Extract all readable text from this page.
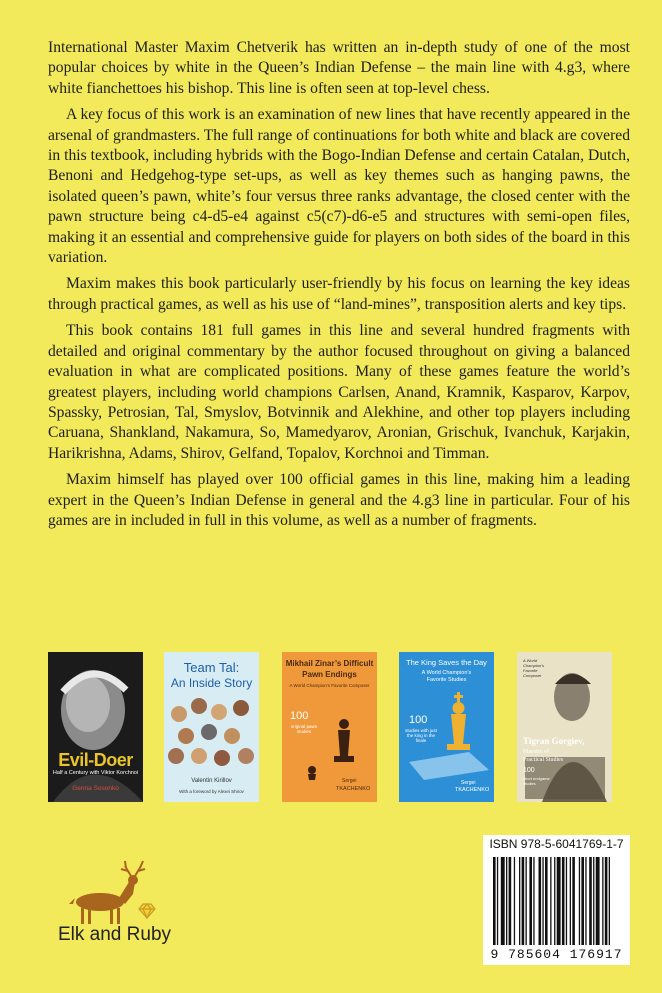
International Master Maxim Chetverik has written an in-depth study of one of the most popular choices by white in the Queen’s Indian Defense – the main line with 4.g3, where white fianchettoes his bishop. This line is often seen at top-level chess.

A key focus of this work is an examination of new lines that have recently appeared in the arsenal of grandmasters. The full range of continuations for both white and black are covered in this textbook, including hybrids with the Bogo-Indian Defense and certain Catalan, Dutch, Benoni and Hedgehog-type set-ups, as well as key themes such as hanging pawns, the isolated queen’s pawn, white’s four versus three ranks advantage, the closed center with the pawn structure being c4-d5-e4 against c5(c7)-d6-e5 and structures with semi-open files, making it an essential and comprehensive guide for players on both sides of the board in this variation.

Maxim makes this book particularly user-friendly by his focus on learning the key ideas through practical games, as well as his use of “land-mines”, transposition alerts and key tips.

This book contains 181 full games in this line and several hundred fragments with detailed and original commentary by the author focused throughout on giving a balanced evaluation in what are complicated positions. Many of these games feature the world’s greatest players, including world champions Carlsen, Anand, Kramnik, Kasparov, Karpov, Spassky, Petrosian, Tal, Smyslov, Botvinnik and Alekhine, and other top players including Caruana, Shankland, Nakamura, So, Mamedyarov, Aronian, Grischuk, Ivanchuk, Karjakin, Harikrishna, Adams, Shirov, Gelfand, Topalov, Korchnoi and Timman.

Maxim himself has played over 100 official games in this line, making him a leading expert in the Queen’s Indian Defense in general and the 4.g3 line in particular. Four of his games are in included in full in this volume, as well as a number of fragments.

Evil-Doer
Half a Century with Viktor Korchnoi
Genna Sosonko
Team Tal:
An Inside Story
Valentin Kirillov
With a foreword by Alexei Shirov
Mikhail Zinar’s Difficult
Pawn Endings
A World Champion’s Favorite Composer
100
original pawn studies
Sergei
TKACHENKO
The King Saves the Day
A World Champion’s
Favorite Studies
100
studies with just the king in the finale
Sergei
TKACHENKO
A World Champion’s Favorite Composer
Tigran Gorgiev,
Maestro of
Practical Studies
100
short endgame studies
ISBN 978-5-6041769-1-7
9 785604 176917
Elk and Ruby
